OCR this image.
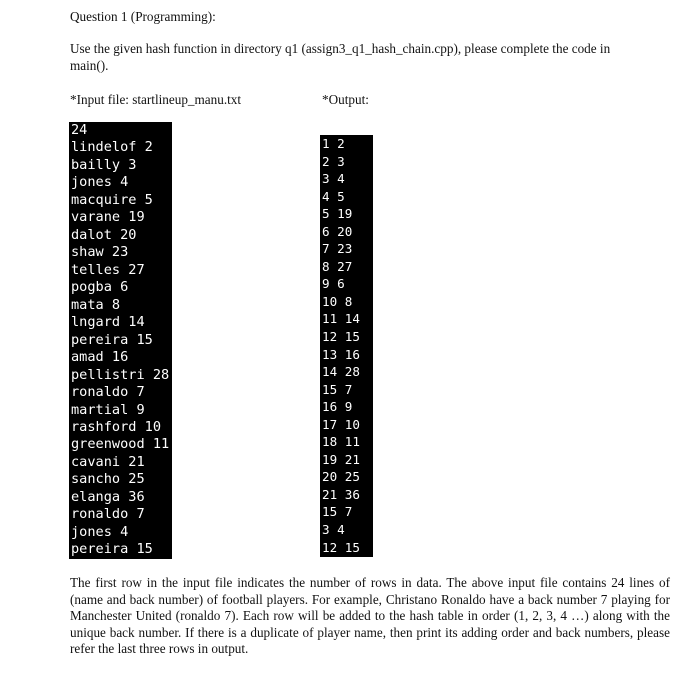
Question 1 (Programming):
Use the given hash function in directory q1 (assign3_q1_hash_chain.cpp), please complete the code in main().
*Input file: startlineup_manu.txt	*Output:
24
lindelof 2
bailly 3
jones 4
macquire 5
varane 19
dalot 20
shaw 23
telles 27
pogba 6
mata 8
lngard 14
pereira 15
amad 16
pellistri 28
ronaldo 7
martial 9
rashford 10
greenwood 11
cavani 21
sancho 25
elanga 36
ronaldo 7
jones 4
pereira 15
1 2
2 3
3 4
4 5
5 19
6 20
7 23
8 27
9 6
10 8
11 14
12 15
13 16
14 28
15 7
16 9
17 10
18 11
19 21
20 25
21 36
15 7
3 4
12 15
The first row in the input file indicates the number of rows in data. The above input file contains 24 lines of (name and back number) of football players. For example, Christano Ronaldo have a back number 7 playing for Manchester United (ronaldo 7). Each row will be added to the hash table in order (1, 2, 3, 4 …) along with the unique back number. If there is a duplicate of player name, then print its adding order and back numbers, please refer the last three rows in output.
